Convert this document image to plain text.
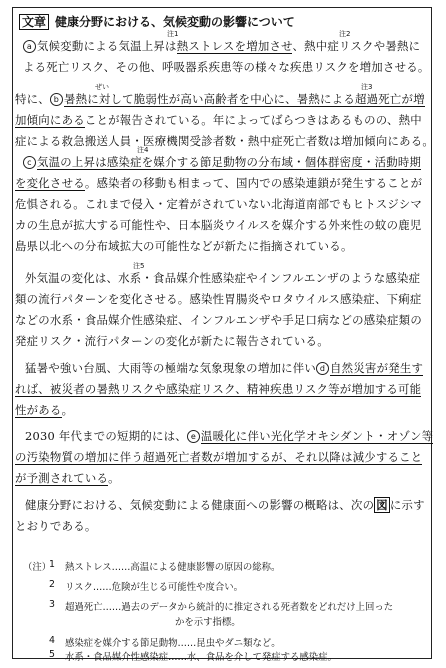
文章 健康分野における、気候変動の影響について
注1	注2
a 気候変動による気温上昇は熱ストレスを増加させ、熱中症リスクや暑熱に
よる死亡リスク、その他、呼吸器系疾患等の様々な疾患リスクを増加させる。
ぜい	注3
特に、 b 暑熱に対して脆弱性が高い高齢者を中心に、暑熱による超過死亡が増
加傾向にあることが報告されている。年によってばらつきはあるものの、熱中
症による救急搬送人員・医療機関受診者数・熱中症死亡者数は増加傾向にある。
注4
c 気温の上昇は感染症を媒介する節足動物の分布域・個体群密度・活動時期
を変化させる。感染者の移動も相まって、国内での感染連鎖が発生することが
危惧される。これまで侵入・定着がされていない北海道南部でもヒトスジシマ
カの生息が拡大する可能性や、日本脳炎ウイルスを媒介する外来性の蚊の鹿児
島県以北への分布域拡大の可能性などが新たに指摘されている。
注5
外気温の変化は、水系・食品媒介性感染症やインフルエンザのような感染症
類の流行パターンを変化させる。感染性胃腸炎やロタウイルス感染症、下痢症
などの水系・食品媒介性感染症、インフルエンザや手足口病などの感染症類の
発症リスク・流行パターンの変化が新たに報告されている。
猛暑や強い台風、大雨等の極端な気象現象の増加に伴い d 自然災害が発生す
れば、被災者の暑熱リスクや感染症リスク、精神疾患リスク等が増加する可能
性がある。
2030 年代までの短期的には、 e 温暖化に伴い光化学オキシダント・オゾン等
の汚染物質の増加に伴う超過死亡者数が増加するが、それ以降は減少すること
が予測されている。
健康分野における、気候変動による健康面への影響の概略は、次の 図 に示す
とおりである。
（注）
1 熱ストレス……高温による健康影響の原因の総称。
2 リスク……危険が生じる可能性や度合い。
3 超過死亡……過去のデータから統計的に推定される死者数をどれだけ上回った
かを示す指標。
4 感染症を媒介する節足動物……昆虫やダニ類など。
5 水系・食品媒介性感染症……水、食品を介して発症する感染症。
